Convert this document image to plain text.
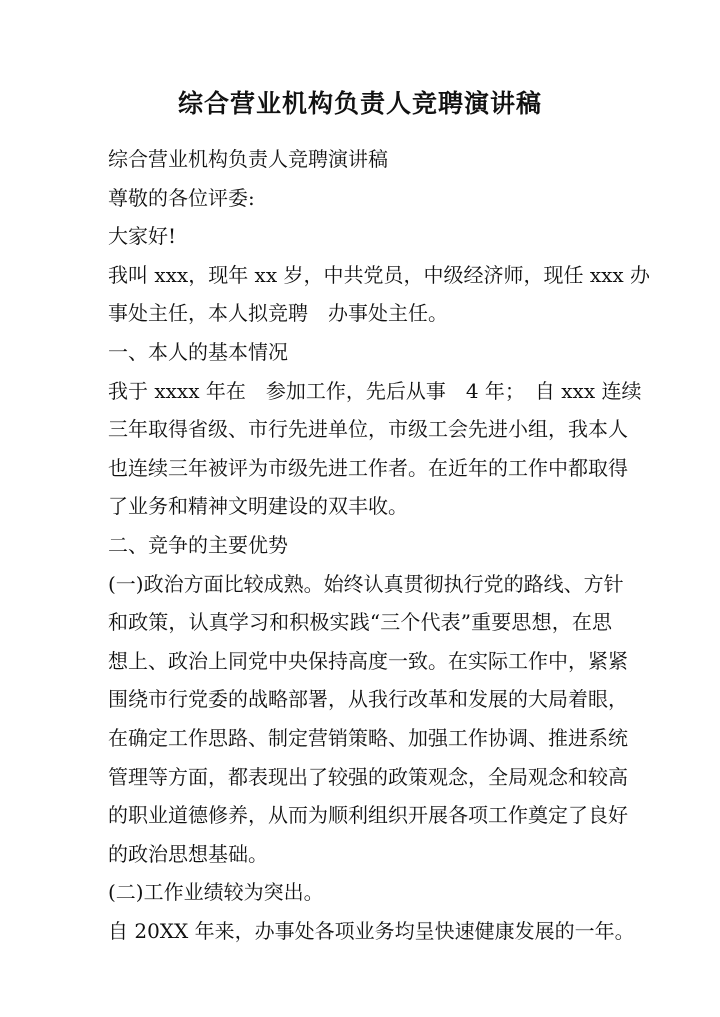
综合营业机构负责人竞聘演讲稿
综合营业机构负责人竞聘演讲稿
尊敬的各位评委:
大家好!
我叫 xxx，现年 xx 岁，中共党员，中级经济师，现任 xxx 办
事处主任，本人拟竞聘　办事处主任。
一、本人的基本情况
我于 xxxx 年在　参加工作，先后从事　4 年；　自 xxx 连续
三年取得省级、市行先进单位，市级工会先进小组，我本人
也连续三年被评为市级先进工作者。在近年的工作中都取得
了业务和精神文明建设的双丰收。
二、竞争的主要优势
(一)政治方面比较成熟。始终认真贯彻执行党的路线、方针
和政策，认真学习和积极实践“三个代表”重要思想，在思
想上、政治上同党中央保持高度一致。在实际工作中，紧紧
围绕市行党委的战略部署，从我行改革和发展的大局着眼，
在确定工作思路、制定营销策略、加强工作协调、推进系统
管理等方面，都表现出了较强的政策观念，全局观念和较高
的职业道德修养，从而为顺利组织开展各项工作奠定了良好
的政治思想基础。
(二)工作业绩较为突出。
自 20XX 年来，办事处各项业务均呈快速健康发展的一年。
